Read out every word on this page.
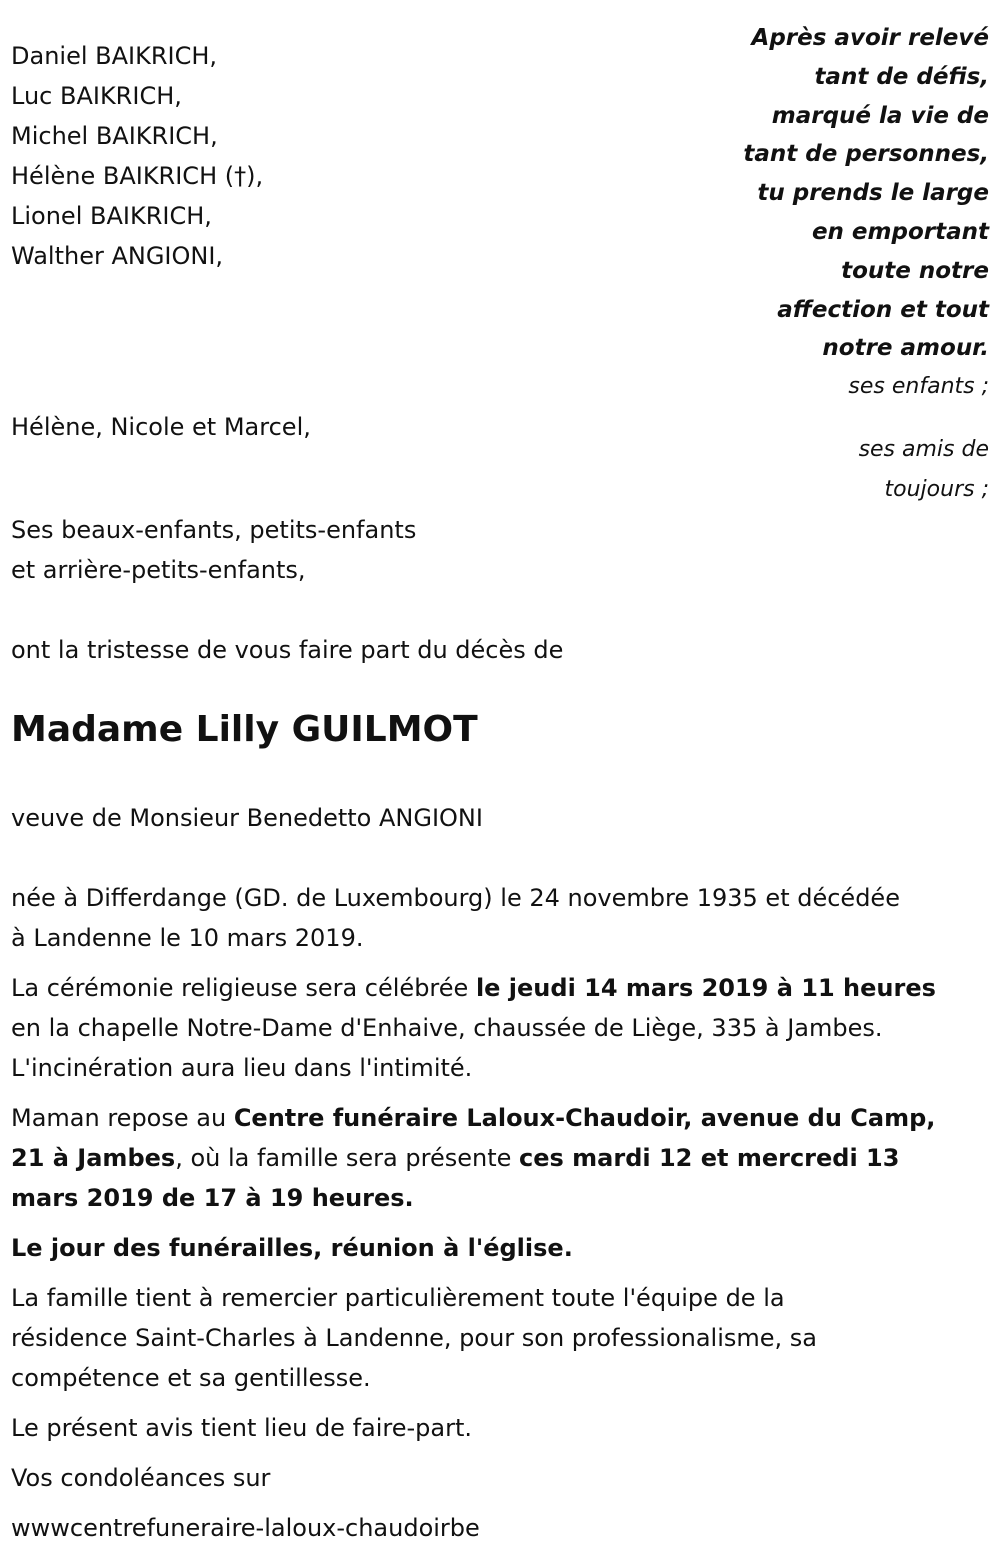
Daniel BAIKRICH,
Luc BAIKRICH,
Michel BAIKRICH,
Hélène BAIKRICH (†),
Lionel BAIKRICH,
Walther ANGIONI,
Après avoir relevé
tant de défis,
marqué la vie de
tant de personnes,
tu prends le large
en emportant
toute notre
affection et tout
notre amour.
ses enfants ;
ses amis de
toujours ;
Hélène, Nicole et Marcel,
Ses beaux-enfants, petits-enfants
et arrière-petits-enfants,
ont la tristesse de vous faire part du décès de
Madame Lilly GUILMOT
veuve de Monsieur Benedetto ANGIONI

née à Differdange (GD. de Luxembourg) le 24 novembre 1935 et décédée
à Landenne le 10 mars 2019.

La cérémonie religieuse sera célébrée le jeudi 14 mars 2019 à 11 heures
en la chapelle Notre-Dame d'Enhaive, chaussée de Liège, 335 à Jambes.
L'incinération aura lieu dans l'intimité.

Maman repose au Centre funéraire Laloux-Chaudoir, avenue du Camp,
21 à Jambes, où la famille sera présente ces mardi 12 et mercredi 13
mars 2019 de 17 à 19 heures.

Le jour des funérailles, réunion à l'église.

La famille tient à remercier particulièrement toute l'équipe de la
résidence Saint-Charles à Landenne, pour son professionalisme, sa
compétence et sa gentillesse.

Le présent avis tient lieu de faire-part.

Vos condoléances sur

wwwcentrefuneraire-laloux-chaudoirbe
